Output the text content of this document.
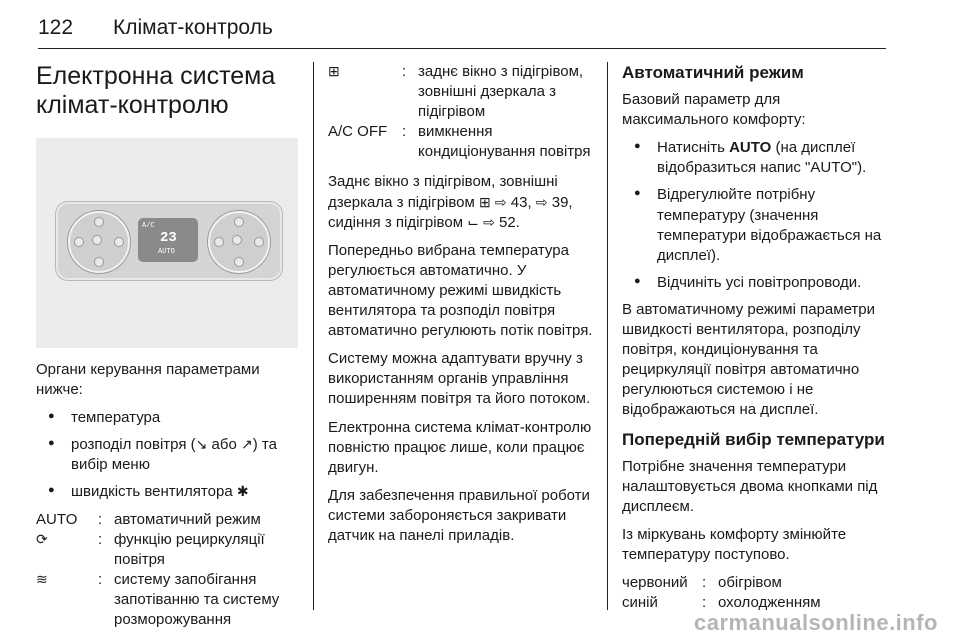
122 Клімат-контроль
Електронна система клімат-контролю
A/C
23
AUTO

Органи керування параметрами нижче:

● температура
● розподіл повітря (↘ або ↗) та вибір меню
● швидкість вентилятора ✱
AUTO	:	автоматичний режим
⟳	:	функцію рециркуляції повітря
≋	:	систему запобігання запотіванню та систему розморожування
⊞	:	заднє вікно з підігрівом, зовнішні дзеркала з підігрівом
A/C OFF	:	вимкнення кондиціонування повітря

Заднє вікно з підігрівом, зовнішні дзеркала з підігрівом ⊞ ⇨ 43, ⇨ 39, сидіння з підігрівом ⌙ ⇨ 52.

Попередньо вибрана температура регулюється автоматично. У автоматичному режимі швидкість вентилятора та розподіл повітря автоматично регулюють потік повітря.

Систему можна адаптувати вручну з використанням органів управління поширенням повітря та його потоком.

Електронна система клімат-контролю повністю працює лише, коли працює двигун.

Для забезпечення правильної роботи системи забороняється закривати датчик на панелі приладів.

Автоматичний режим

Базовий параметр для максимального комфорту:

● Натисніть AUTO (на дисплеї відобразиться напис "AUTO").
● Відрегулюйте потрібну температуру (значення температури відображається на дисплеї).
● Відчиніть усі повітропроводи.

В автоматичному режимі параметри швидкості вентилятора, розподілу повітря, кондиціонування та рециркуляції повітря автоматично регулюються системою і не відображаються на дисплеї.

Попередній вибір температури

Потрібне значення температури налаштовується двома кнопками під дисплеєм.

Із міркувань комфорту змінюйте температуру поступово.

червоний	:	обігрівом
синій	:	охолодженням
carmanualsonline.info
